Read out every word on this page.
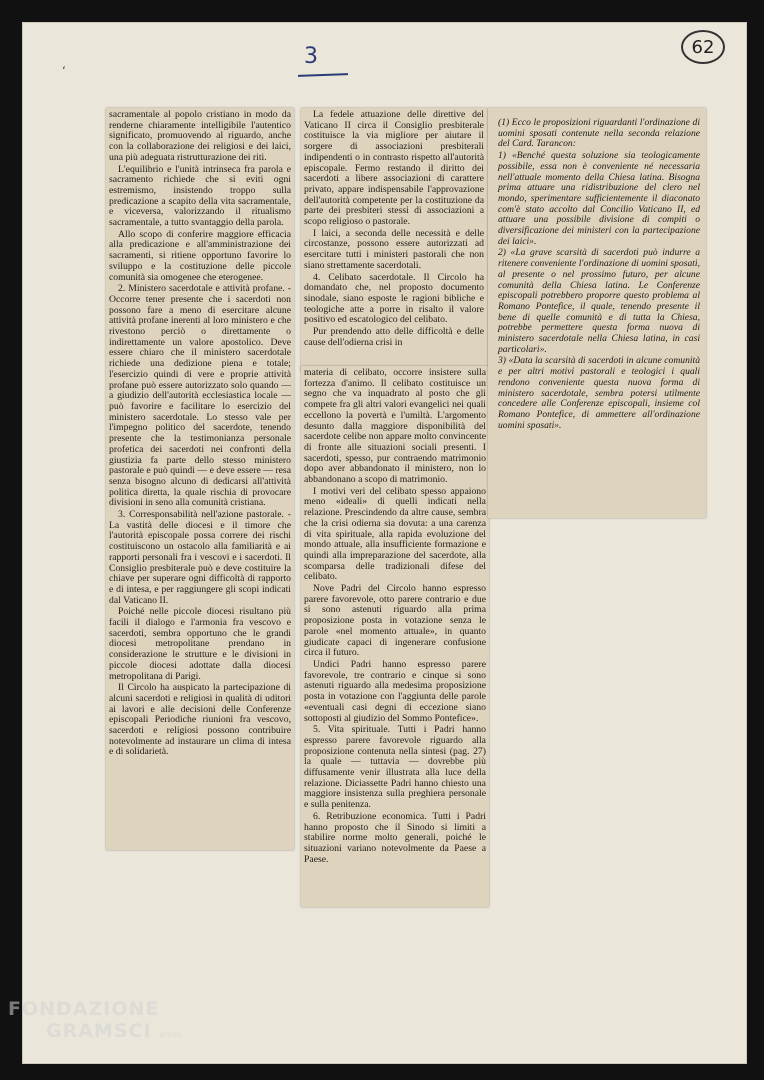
‘
3	62

sacramentale al popolo cristiano in modo da renderne chiaramente intelligibile l'autentico significato, promuovendo al riguardo, anche con la collaborazione dei religiosi e dei laici, una più adeguata ristrutturazione dei riti.

L'equilibrio e l'unità intrinseca fra parola e sacramento richiede che si eviti ogni estremismo, insistendo troppo sulla predicazione a scapito della vita sacramentale, e viceversa, valorizzando il ritualismo sacramentale, a tutto svantaggio della parola.

Allo scopo di conferire maggiore efficacia alla predicazione e all'amministrazione dei sacramenti, si ritiene opportuno favorire lo sviluppo e la costituzione delle piccole comunità sia omogenee che eterogenee.

2. Ministero sacerdotale e attività profane. - Occorre tener presente che i sacerdoti non possono fare a meno di esercitare alcune attività profane inerenti al loro ministero e che rivestono perciò o direttamente o indirettamente un valore apostolico. Deve essere chiaro che il ministero sacerdotale richiede una dedizione piena e totale; l'esercizio quindi di vere e proprie attività profane può essere autorizzato solo quando — a giudizio dell'autorità ecclesiastica locale — può favorire e facilitare lo esercizio del ministero sacerdotale. Lo stesso vale per l'impegno politico del sacerdote, tenendo presente che la testimonianza personale profetica dei sacerdoti nei confronti della giustizia fa parte dello stesso ministero pastorale e può quindi — e deve essere — resa senza bisogno alcuno di dedicarsi all'attività politica diretta, la quale rischia di provocare divisioni in seno alla comunità cristiana.

3. Corresponsabilità nell'azione pastorale. - La vastità delle diocesi e il timore che l'autorità episcopale possa correre dei rischi costituiscono un ostacolo alla familiarità e ai rapporti personali fra i vescovi e i sacerdoti. Il Consiglio presbiterale può e deve costituire la chiave per superare ogni difficoltà di rapporto e di intesa, e per raggiungere gli scopi indicati dal Vaticano II.

Poiché nelle piccole diocesi risultano più facili il dialogo e l'armonia fra vescovo e sacerdoti, sembra opportuno che le grandi diocesi metropolitane prendano in considerazione le strutture e le divisioni in piccole diocesi adottate dalla diocesi metropolitana di Parigi.

Il Circolo ha auspicato la partecipazione di alcuni sacerdoti e religiosi in qualità di uditori ai lavori e alle decisioni delle Conferenze episcopali Periodiche riunioni fra vescovo, sacerdoti e religiosi possono contribuire notevolmente ad instaurare un clima di intesa e di solidarietà.

La fedele attuazione delle direttive del Vaticano II circa il Consiglio presbiterale costituisce la via migliore per aiutare il sorgere di associazioni presbiterali indipendenti o in contrasto rispetto all'autorità episcopale. Fermo restando il diritto dei sacerdoti a libere associazioni di carattere privato, appare indispensabile l'approvazione dell'autorità competente per la costituzione da parte dei presbiteri stessi di associazioni a scopo religioso o pastorale.

I laici, a seconda delle necessità e delle circostanze, possono essere autorizzati ad esercitare tutti i ministeri pastorali che non siano strettamente sacerdotali.

4. Celibato sacerdotale. Il Circolo ha domandato che, nel proposto documento sinodale, siano esposte le ragioni bibliche e teologiche atte a porre in risalto il valore positivo ed escatologico del celibato.

Pur prendendo atto delle difficoltà e delle cause dell'odierna crisi in

materia di celibato, occorre insistere sulla fortezza d'animo. Il celibato costituisce un segno che va inquadrato al posto che gli compete fra gli altri valori evangelici nei quali eccellono la povertà e l'umiltà. L'argomento desunto dalla maggiore disponibilità del sacerdote celibe non appare molto convincente di fronte alle situazioni sociali presenti. I sacerdoti, spesso, pur contraendo matrimonio dopo aver abbandonato il ministero, non lo abbandonano a scopo di matrimonio.

I motivi veri del celibato spesso appaiono meno «ideali» di quelli indicati nella relazione. Prescindendo da altre cause, sembra che la crisi odierna sia dovuta: a una carenza di vita spirituale, alla rapida evoluzione del mondo attuale, alla insufficiente formazione e quindi alla impreparazione del sacerdote, alla scomparsa delle tradizionali difese del celibato.

Nove Padri del Circolo hanno espresso parere favorevole, otto parere contrario e due si sono astenuti riguardo alla prima proposizione posta in votazione senza le parole «nel momento attuale», in quanto giudicate capaci di ingenerare confusione circa il futuro.

Undici Padri hanno espresso parere favorevole, tre contrario e cinque si sono astenuti riguardo alla medesima proposizione posta in votazione con l'aggiunta delle parole «eventuali casi degni di eccezione siano sottoposti al giudizio del Sommo Pontefice».

5. Vita spirituale. Tutti i Padri hanno espresso parere favorevole riguardo alla proposizione contenuta nella sintesi (pag. 27) la quale — tuttavia — dovrebbe più diffusamente venir illustrata alla luce della relazione. Diciassette Padri hanno chiesto una maggiore insistenza sulla preghiera personale e sulla penitenza.

6. Retribuzione economica. Tutti i Padri hanno proposto che il Sinodo si limiti a stabilire norme molto generali, poiché le situazioni variano notevolmente da Paese a Paese.

(1) Ecco le proposizioni riguardanti l'ordinazione di uomini sposati contenute nella seconda relazione del Card. Tarancon:

1) «Benché questa soluzione sia teologicamente possibile, essa non è conveniente né necessaria nell'attuale momento della Chiesa latina. Bisogna prima attuare una ridistribuzione del clero nel mondo, sperimentare sufficientemente il diaconato com'è stato accolto dal Concilio Vaticano II, ed attuare una possibile divisione di compiti o diversificazione dei ministeri con la partecipazione dei laici».

2) «La grave scarsità di sacerdoti può indurre a ritenere conveniente l'ordinazione di uomini sposati, al presente o nel prossimo futuro, per alcune comunità della Chiesa latina. Le Conferenze episcopali potrebbero proporre questo problema al Romano Pontefice, il quale, tenendo presente il bene di quelle comunità e di tutta la Chiesa, potrebbe permettere questa forma nuova di ministero sacerdotale nella Chiesa latina, in casi particolari».

3) «Data la scarsità di sacerdoti in alcune comunità e per altri motivi pastorali e teologici i quali rendono conveniente questa nuova forma di ministero sacerdotale, sembra potersi utilmente concedere alle Conferenze episcopali, insieme col Romano Pontefice, di ammettere all'ordinazione uomini sposati».

FONDAZIONE
GRAMSCI onlus
